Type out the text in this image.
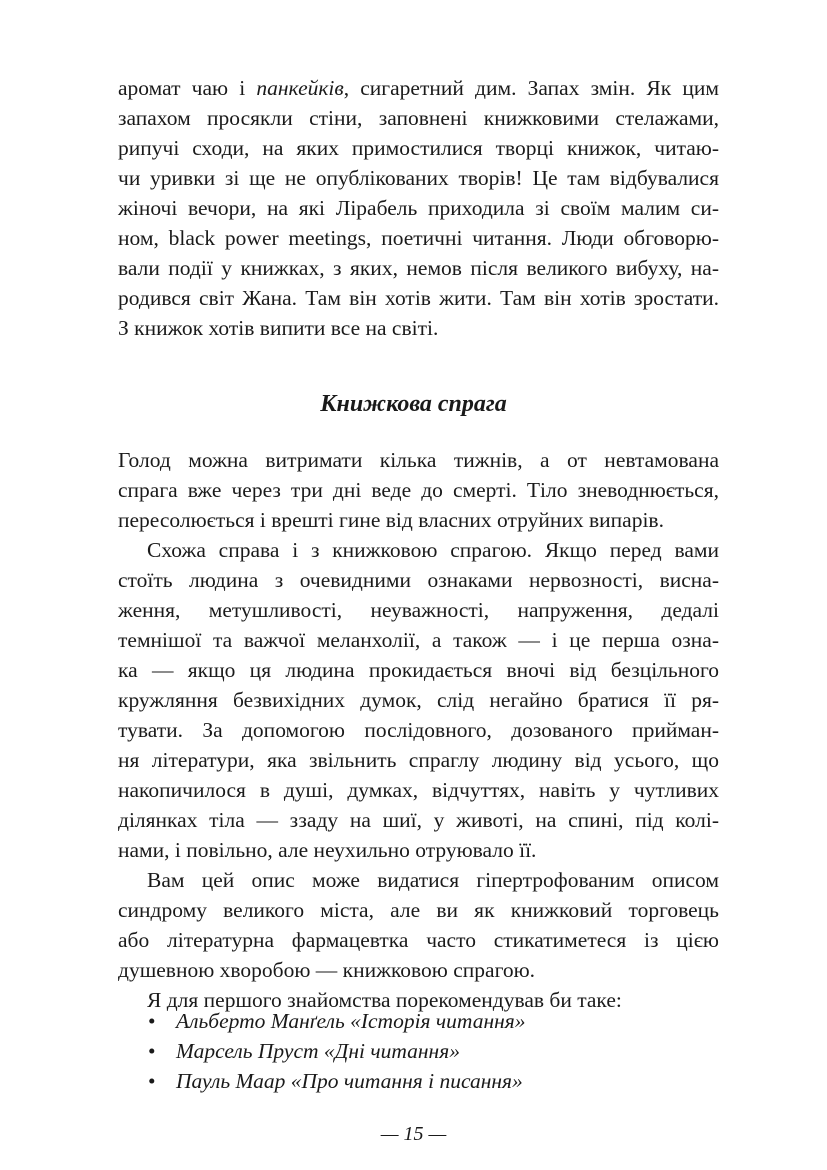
аромат чаю і панкейків, сигаретний дим. Запах змін. Як цим
запахом просякли стіни, заповнені книжковими стелажами,
рипучі сходи, на яких примостилися творці книжок, читаю-
чи уривки зі ще не опублікованих творів! Це там відбувалися
жіночі вечори, на які Лірабель приходила зі своїм малим си-
ном, black power meetings, поетичні читання. Люди обговорю-
вали події у книжках, з яких, немов після великого вибуху, на-
родився світ Жана. Там він хотів жити. Там він хотів зростати.
З книжок хотів випити все на світі.
Книжкова спрага
Голод можна витримати кілька тижнів, а от невтамована
спрага вже через три дні веде до смерті. Тіло зневоднюється,
пересолюється і врешті гине від власних отруйних випарів.
Схожа справа і з книжковою спрагою. Якщо перед вами
стоїть людина з очевидними ознаками нервозності, висна-
ження, метушливості, неуважності, напруження, дедалі
темнішої та важчої меланхолії, а також — і це перша озна-
ка — якщо ця людина прокидається вночі від безцільного
кружляння безвихідних думок, слід негайно братися її ря-
тувати. За допомогою послідовного, дозованого прийман-
ня літератури, яка звільнить спраглу людину від усього, що
накопичилося в душі, думках, відчуттях, навіть у чутливих
ділянках тіла — ззаду на шиї, у животі, на спині, під колі-
нами, і повільно, але неухильно отруювало її.
Вам цей опис може видатися гіпертрофованим описом
синдрому великого міста, але ви як книжковий торговець
або літературна фармацевтка часто стикатиметеся із цією
душевною хворобою — книжковою спрагою.
Я для першого знайомства порекомендував би таке:
• Альберто Манґель «Історія читання»
• Марсель Пруст «Дні читання»
• Пауль Маар «Про читання і писання»
— 15 —
